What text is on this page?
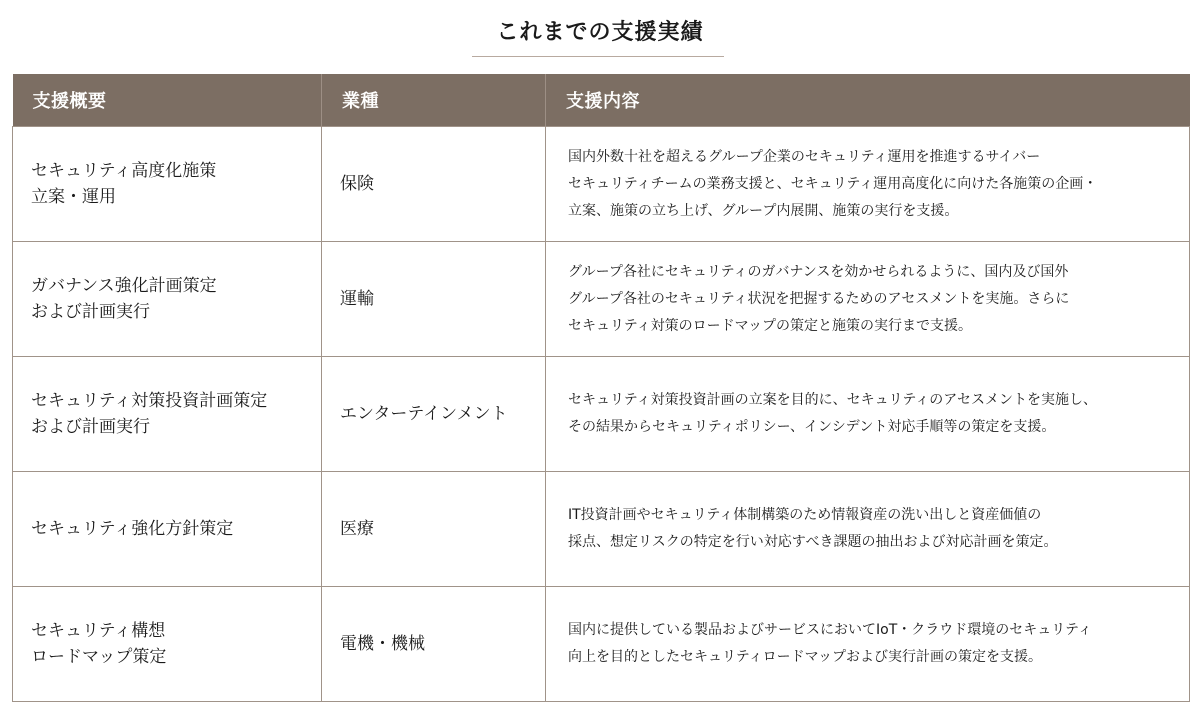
これまでの支援実績
支援概要	業種	支援内容
セキュリティ高度化施策
立案・運用	保険	国内外数十社を超えるグループ企業のセキュリティ運用を推進するサイバー
セキュリティチームの業務支援と、セキュリティ運用高度化に向けた各施策の企画・
立案、施策の立ち上げ、グループ内展開、施策の実行を支援。
ガバナンス強化計画策定
および計画実行	運輸	グループ各社にセキュリティのガバナンスを効かせられるように、国内及び国外
グループ各社のセキュリティ状況を把握するためのアセスメントを実施。さらに
セキュリティ対策のロードマップの策定と施策の実行まで支援。
セキュリティ対策投資計画策定
および計画実行	エンターテインメント	セキュリティ対策投資計画の立案を目的に、セキュリティのアセスメントを実施し、
その結果からセキュリティポリシー、インシデント対応手順等の策定を支援。
セキュリティ強化方針策定	医療	IT投資計画やセキュリティ体制構築のため情報資産の洗い出しと資産価値の
採点、想定リスクの特定を行い対応すべき課題の抽出および対応計画を策定。
セキュリティ構想
ロードマップ策定	電機・機械	国内に提供している製品およびサービスにおいてIoT・クラウド環境のセキュリティ
向上を目的としたセキュリティロードマップおよび実行計画の策定を支援。
